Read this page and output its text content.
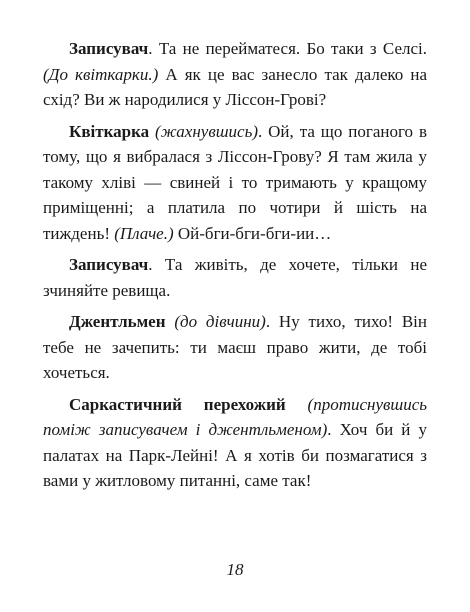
Записувач. Та не перейматеся. Бо таки з Селсі. (До квіткарки.) А як це вас занесло так далеко на схід? Ви ж народилися у Ліссон-Грові?

Квіткарка (жахнувшись). Ой, та що поганого в тому, що я вибралася з Ліссон-Грову? Я там жила у такому хліві — свиней і то тримають у кращому приміщенні; а платила по чотири й шість на тиждень! (Плаче.) Ой-бги-бги-бги-ии…

Записувач. Та живіть, де хочете, тільки не зчиняйте ревища.

Джентльмен (до дівчини). Ну тихо, тихо! Він тебе не зачепить: ти маєш право жити, де тобі хочеться.

Саркастичний перехожий (протиснувшись поміж записувачем і джентльменом). Хоч би й у палатах на Парк-Лейні! А я хотів би позмагатися з вами у житловому питанні, саме так!

18
